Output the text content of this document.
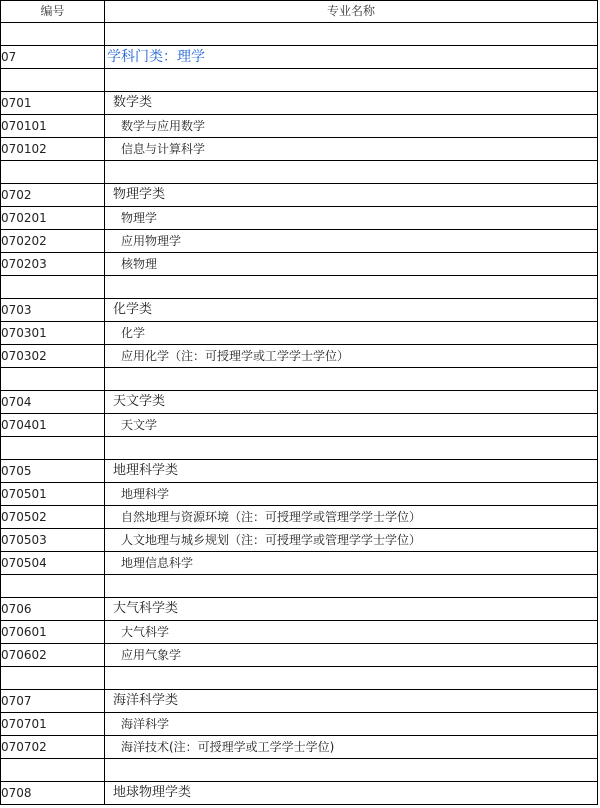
编号	专业名称

07	学科门类：理学

0701	数学类
070101	数学与应用数学
070102	信息与计算科学

0702	物理学类
070201	物理学
070202	应用物理学
070203	核物理

0703	化学类
070301	化学
070302	应用化学（注：可授理学或工学学士学位）

0704	天文学类
070401	天文学

0705	地理科学类
070501	地理科学
070502	自然地理与资源环境（注：可授理学或管理学学士学位）
070503	人文地理与城乡规划（注：可授理学或管理学学士学位）
070504	地理信息科学

0706	大气科学类
070601	大气科学
070602	应用气象学

0707	海洋科学类
070701	海洋科学
070702	海洋技术(注：可授理学或工学学士学位)

0708	地球物理学类
